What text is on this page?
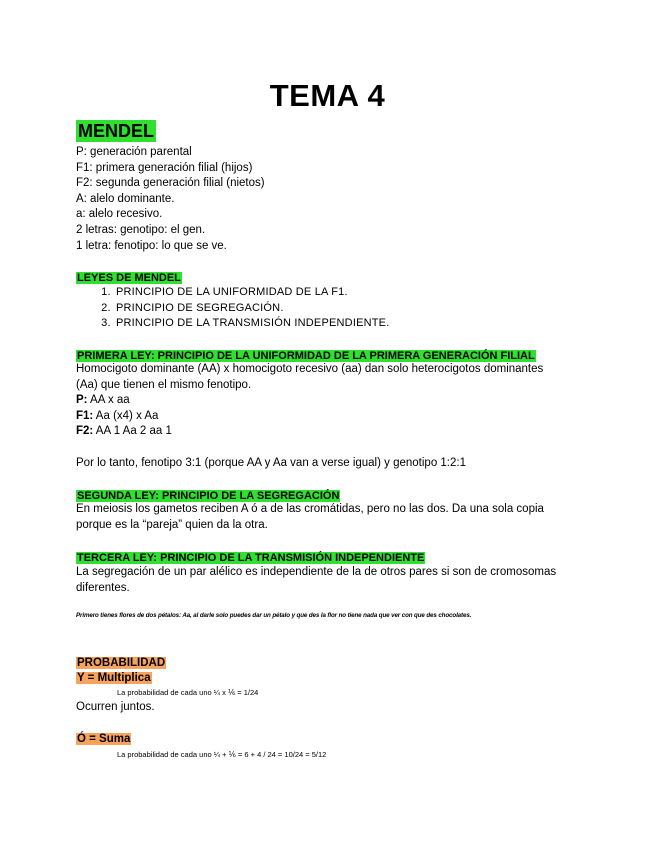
TEMA 4
MENDEL
P: generación parental
F1: primera generación filial (hijos)
F2: segunda generación filial (nietos)
A: alelo dominante.
a: alelo recesivo.
2 letras: genotipo: el gen.
1 letra: fenotipo: lo que se ve.
LEYES DE MENDEL
1. PRINCIPIO DE LA UNIFORMIDAD DE LA F1.
2. PRINCIPIO DE SEGREGACIÓN.
3. PRINCIPIO DE LA TRANSMISIÓN INDEPENDIENTE.
PRIMERA LEY: PRINCIPIO DE LA UNIFORMIDAD DE LA PRIMERA GENERACIÓN FILIAL
Homocigoto dominante (AA) x homocigoto recesivo (aa) dan solo heterocigotos dominantes
(Aa) que tienen el mismo fenotipo.
P: AA x aa
F1: Aa (x4) x Aa
F2: AA 1 Aa 2 aa 1
Por lo tanto, fenotipo 3:1 (porque AA y Aa van a verse igual) y genotipo 1:2:1
SEGUNDA LEY: PRINCIPIO DE LA SEGREGACIÓN
En meiosis los gametos reciben A ó a de las cromátidas, pero no las dos. Da una sola copia
porque es la “pareja” quien da la otra.
TERCERA LEY: PRINCIPIO DE LA TRANSMISIÓN INDEPENDIENTE
La segregación de un par alélico es independiente de la de otros pares si son de cromosomas
diferentes.
Primero tienes flores de dos pétalos: Aa, al darle solo puedes dar un pétalo y que des la flor no tiene nada que ver con que des chocolates.
PROBABILIDAD
Y = Multiplica
La probabilidad de cada uno ¼ x ⅙ = 1/24
Ocurren juntos.
Ó = Suma
La probabilidad de cada uno ¼ + ⅙ = 6 + 4 / 24 = 10/24 = 5/12
